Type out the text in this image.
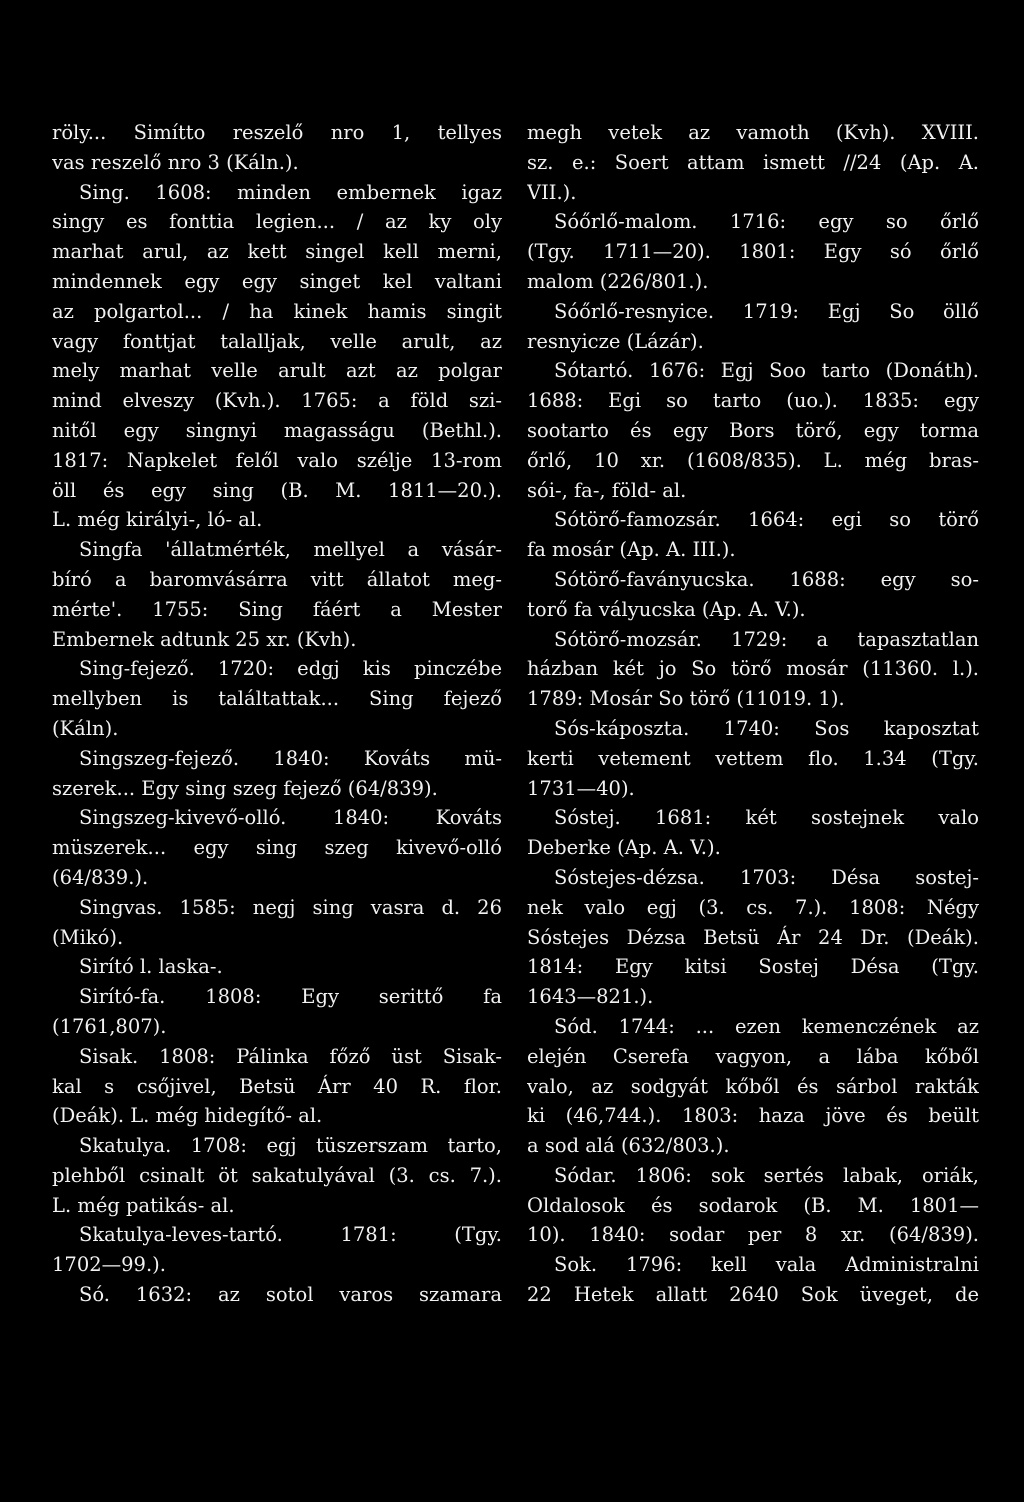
röly... Simítto reszelő nro 1, tellyes
vas reszelő nro 3 (Káln.).
Sing. 1608: minden embernek igaz
singy es fonttia legien... / az ky oly
marhat arul, az kett singel kell merni,
mindennek egy egy singet kel valtani
az polgartol... / ha kinek hamis singit
vagy fonttjat talalljak, velle arult, az
mely marhat velle arult azt az polgar
mind elveszy (Kvh.). 1765: a föld szi-
nitől egy singnyi magasságu (Bethl.).
1817: Napkelet felől valo szélje 13-rom
öll és egy sing (B. M. 1811—20.).
L. még királyi-, ló- al.
Singfa 'állatmérték, mellyel a vásár-
bíró a baromvásárra vitt állatot meg-
mérte'. 1755: Sing fáért a Mester
Embernek adtunk 25 xr. (Kvh).
Sing-fejező. 1720: edgj kis pinczébe
mellyben is találtattak... Sing fejező
(Káln).
Singszeg-fejező. 1840: Kováts mü-
szerek... Egy sing szeg fejező (64/839).
Singszeg-kivevő-olló. 1840: Kováts
müszerek... egy sing szeg kivevő-olló
(64/839.).
Singvas. 1585: negj sing vasra d. 26
(Mikó).
Sirító l. laska-.
Sirító-fa. 1808: Egy serittő fa
(1761,807).
Sisak. 1808: Pálinka főző üst Sisak-
kal s csőjivel, Betsü Árr 40 R. flor.
(Deák). L. még hidegítő- al.
Skatulya. 1708: egj tüszerszam tarto,
plehből csinalt öt sakatulyával (3. cs. 7.).
L. még patikás- al.
Skatulya-leves-tartó. 1781: (Tgy.
1702—99.).
Só. 1632: az sotol varos szamara
megh vetek az vamoth (Kvh). XVIII.
sz. e.: Soert attam ismett //24 (Ap. A.
VII.).
Sóőrlő-malom. 1716: egy so őrlő
(Tgy. 1711—20). 1801: Egy só őrlő
malom (226/801.).
Sóőrlő-resnyice. 1719: Egj So öllő
resnyicze (Lázár).
Sótartó. 1676: Egj Soo tarto (Donáth).
1688: Egi so tarto (uo.). 1835: egy
sootarto és egy Bors törő, egy torma
őrlő, 10 xr. (1608/835). L. még bras-
sói-, fa-, föld- al.
Sótörő-famozsár. 1664: egi so törő
fa mosár (Ap. A. III.).
Sótörő-faványucska. 1688: egy so-
torő fa vályucska (Ap. A. V.).
Sótörő-mozsár. 1729: a tapasztatlan
házban két jo So törő mosár (11360. l.).
1789: Mosár So törő (11019. 1).
Sós-káposzta. 1740: Sos kaposztat
kerti vetement vettem flo. 1.34 (Tgy.
1731—40).
Sóstej. 1681: két sostejnek valo
Deberke (Ap. A. V.).
Sóstejes-dézsa. 1703: Désa sostej-
nek valo egj (3. cs. 7.). 1808: Négy
Sóstejes Dézsa Betsü Ár 24 Dr. (Deák).
1814: Egy kitsi Sostej Désa (Tgy.
1643—821.).
Sód. 1744: ... ezen kemenczének az
elején Cserefa vagyon, a lába kőből
valo, az sodgyát kőből és sárbol rakták
ki (46,744.). 1803: haza jöve és beült
a sod alá (632/803.).
Sódar. 1806: sok sertés labak, oriák,
Oldalosok és sodarok (B. M. 1801—
10). 1840: sodar per 8 xr. (64/839).
Sok. 1796: kell vala Administralni
22 Hetek allatt 2640 Sok üveget, de
